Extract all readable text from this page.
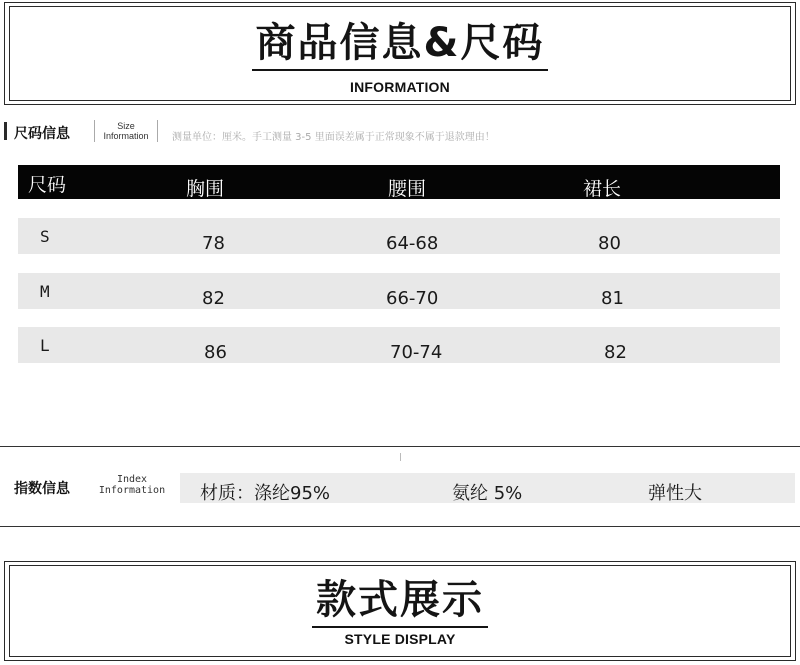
商品信息&尺码
INFORMATION
尺码信息	Size
Information	测量单位：厘米。手工测量 3-5 里面误差属于正常现象不属于退款理由！
尺码	胸围	腰围	裙长
S	78	64-68	80
M	82	66-70	81
L	86	70-74	82
指数信息
Index
Information	材质：涤纶95%	氨纶 5%	弹性大
款式展示
STYLE DISPLAY
